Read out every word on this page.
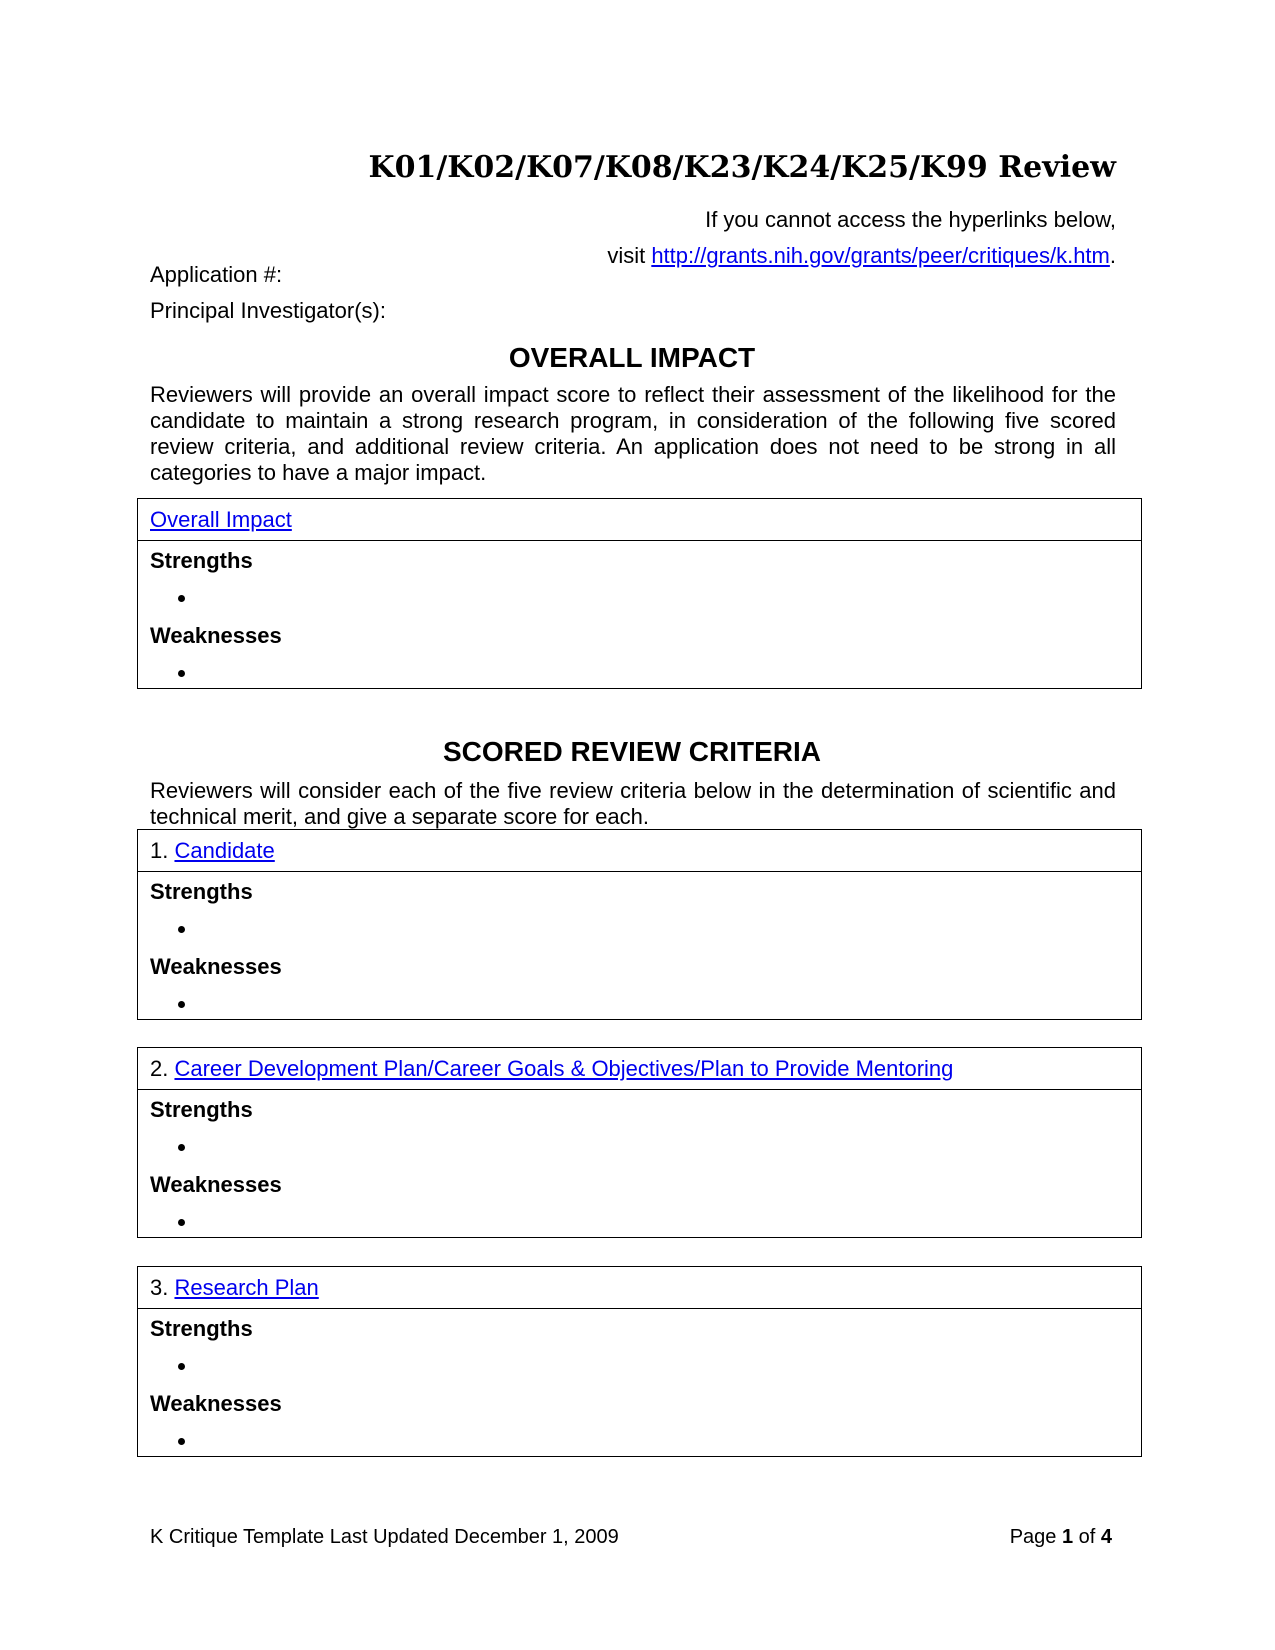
K01/K02/K07/K08/K23/K24/K25/K99 Review
If you cannot access the hyperlinks below,
visit http://grants.nih.gov/grants/peer/critiques/k.htm.
Application #:
Principal Investigator(s):
OVERALL IMPACT

Reviewers will provide an overall impact score to reflect their assessment of the likelihood for the candidate to maintain a strong research program, in consideration of the following five scored review criteria, and additional review criteria. An application does not need to be strong in all categories to have a major impact.

Overall Impact
Strengths
•
Weaknesses
•
SCORED REVIEW CRITERIA

Reviewers will consider each of the five review criteria below in the determination of scientific and technical merit, and give a separate score for each.

1. Candidate
Strengths
•
Weaknesses
•
2. Career Development Plan/Career Goals & Objectives/Plan to Provide Mentoring
Strengths
•
Weaknesses
•
3. Research Plan
Strengths
•
Weaknesses
•
K Critique Template Last Updated December 1, 2009	Page 1 of 4
